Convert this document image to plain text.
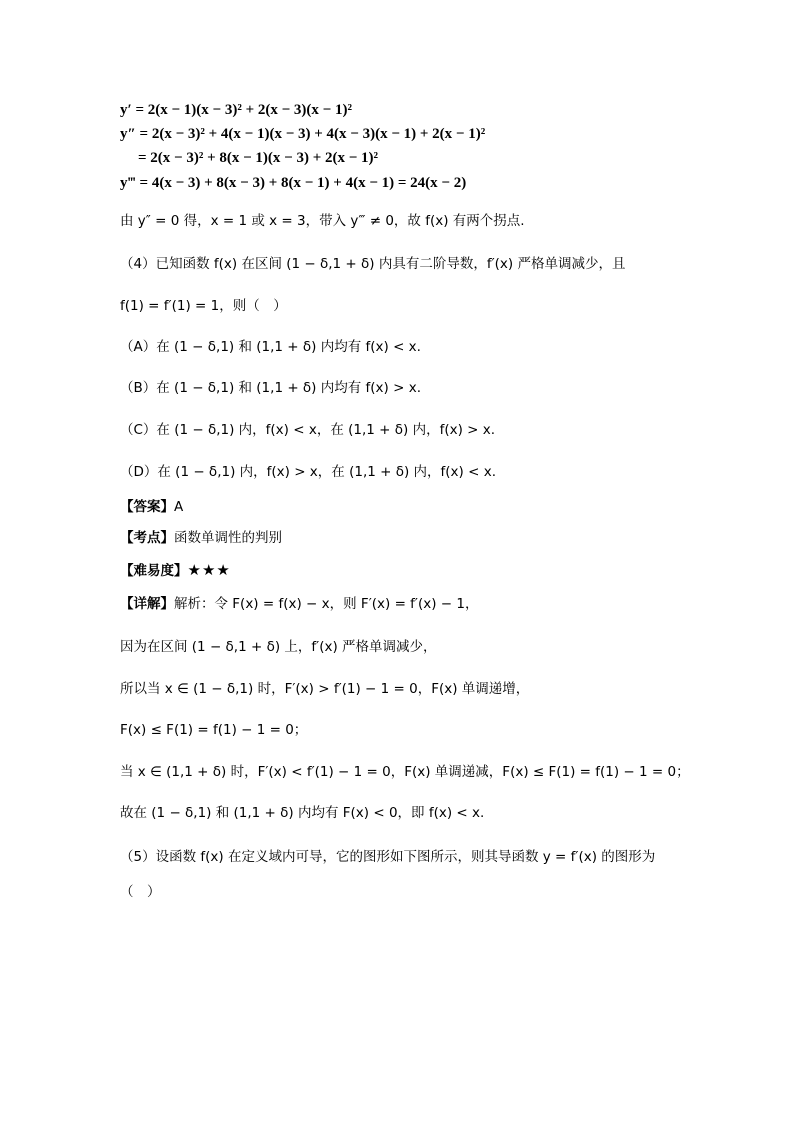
y′ = 2(x − 1)(x − 3)² + 2(x − 3)(x − 1)²
y″ = 2(x − 3)² + 4(x − 1)(x − 3) + 4(x − 3)(x − 1) + 2(x − 1)²
= 2(x − 3)² + 8(x − 1)(x − 3) + 2(x − 1)²
y‴ = 4(x − 3) + 8(x − 3) + 8(x − 1) + 4(x − 1) = 24(x − 2)
由 y″ = 0 得，x = 1 或 x = 3，带入 y‴ ≠ 0，故 f(x) 有两个拐点.
（4）已知函数 f(x) 在区间 (1 − δ,1 + δ) 内具有二阶导数，f′(x) 严格单调减少，且
f(1) = f′(1) = 1，则（　）
（A）在 (1 − δ,1) 和 (1,1 + δ) 内均有 f(x) < x.
（B）在 (1 − δ,1) 和 (1,1 + δ) 内均有 f(x) > x.
（C）在 (1 − δ,1) 内，f(x) < x，在 (1,1 + δ) 内，f(x) > x.
（D）在 (1 − δ,1) 内，f(x) > x，在 (1,1 + δ) 内，f(x) < x.
【答案】A
【考点】函数单调性的判别
【难易度】★★★
【详解】解析：令 F(x) = f(x) − x，则 F′(x) = f′(x) − 1，
因为在区间 (1 − δ,1 + δ) 上，f′(x) 严格单调减少，
所以当 x ∈ (1 − δ,1) 时，F′(x) > f′(1) − 1 = 0，F(x) 单调递增，
F(x) ≤ F(1) = f(1) − 1 = 0；
当 x ∈ (1,1 + δ) 时，F′(x) < f′(1) − 1 = 0，F(x) 单调递减，F(x) ≤ F(1) = f(1) − 1 = 0；
故在 (1 − δ,1) 和 (1,1 + δ) 内均有 F(x) < 0，即 f(x) < x.
（5）设函数 f(x) 在定义域内可导，它的图形如下图所示，则其导函数 y = f′(x) 的图形为
（　）
